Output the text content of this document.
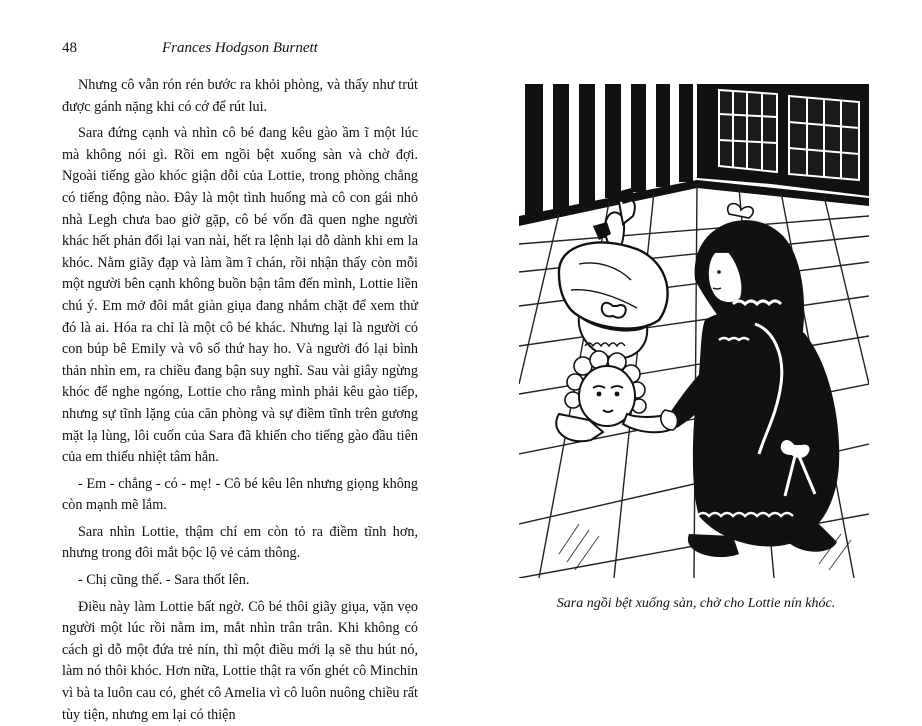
48	Frances Hodgson Burnett

Nhưng cô vẫn rón rén bước ra khỏi phòng, và thấy như trút được gánh nặng khi có cớ để rút lui.

Sara đứng cạnh và nhìn cô bé đang kêu gào ầm ĩ một lúc mà không nói gì. Rồi em ngồi bệt xuống sàn và chờ đợi. Ngoài tiếng gào khóc giận dỗi của Lottie, trong phòng chẳng có tiếng động nào. Đây là một tình huống mà cô con gái nhỏ nhà Legh chưa bao giờ gặp, cô bé vốn đã quen nghe người khác hết phản đối lại van nài, hết ra lệnh lại dỗ dành khi em la khóc. Nằm giãy đạp và làm ầm ĩ chán, rồi nhận thấy còn mỗi một người bên cạnh không buồn bận tâm đến mình, Lottie liền chú ý. Em mở đôi mắt giàn giụa đang nhắm chặt để xem thử đó là ai. Hóa ra chỉ là một cô bé khác. Nhưng lại là người có con búp bê Emily và vô số thứ hay ho. Và người đó lại bình thản nhìn em, ra chiều đang bận suy nghĩ. Sau vài giây ngừng khóc để nghe ngóng, Lottie cho rằng mình phải kêu gào tiếp, nhưng sự tĩnh lặng của căn phòng và sự điềm tĩnh trên gương mặt lạ lùng, lôi cuốn của Sara đã khiến cho tiếng gào đầu tiên của em thiếu nhiệt tâm hẳn.

- Em - chẳng - có - mẹ! - Cô bé kêu lên nhưng giọng không còn mạnh mẽ lắm.

Sara nhìn Lottie, thậm chí em còn tỏ ra điềm tĩnh hơn, nhưng trong đôi mắt bộc lộ vẻ cảm thông.

- Chị cũng thế. - Sara thốt lên.

Điều này làm Lottie bất ngờ. Cô bé thôi giãy giụa, vặn vẹo người một lúc rồi nằm im, mắt nhìn trân trân. Khi không có cách gì dỗ một đứa trẻ nín, thì một điều mới lạ sẽ thu hút nó, làm nó thôi khóc. Hơn nữa, Lottie thật ra vốn ghét cô Minchin vì bà ta luôn cau có, ghét cô Amelia vì cô luôn nuông chiều rất tùy tiện, nhưng em lại có thiện

Sara ngồi bệt xuống sàn, chờ cho Lottie nín khóc.
